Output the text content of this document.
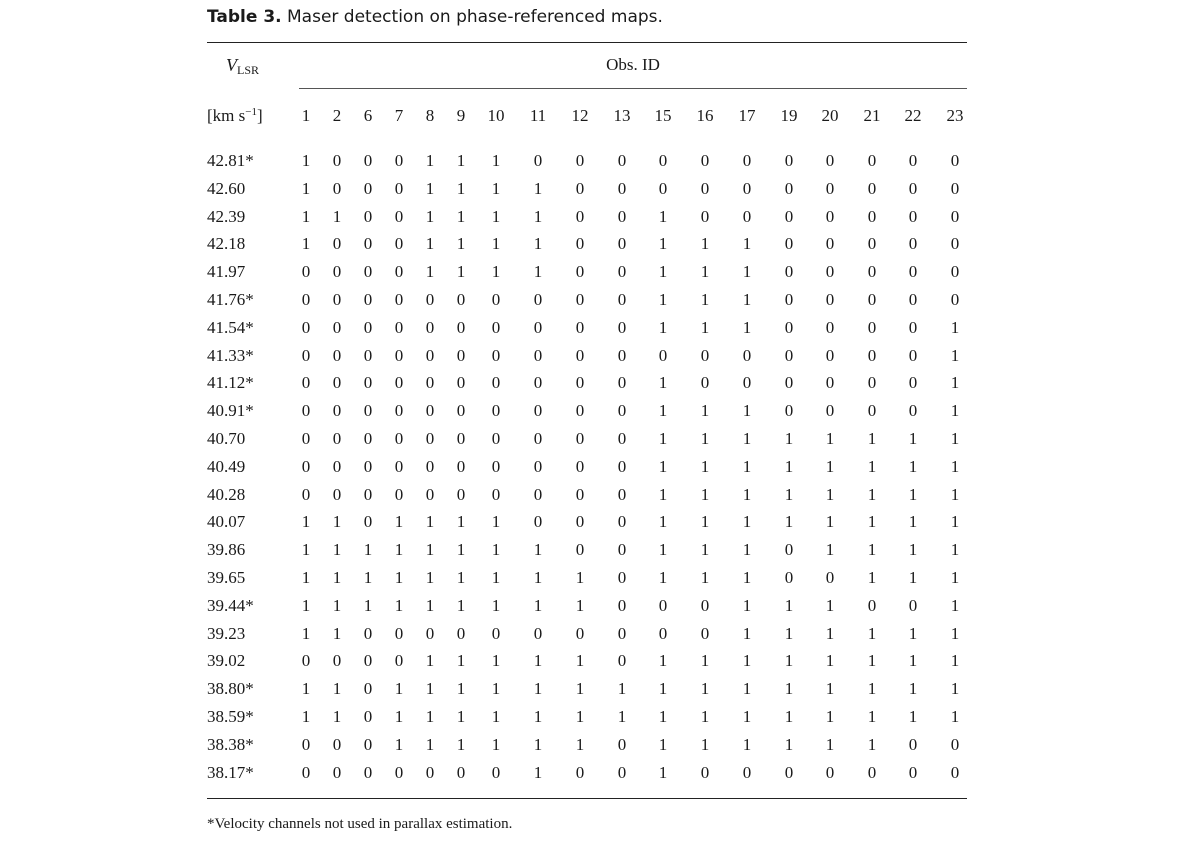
Table 3. Maser detection on phase-referenced maps.
$V_{LSR}$	Obs. ID
[km $s^{-1}$]	1	2	6	7	8	9	10	11	12	13	15	16	17	19	20	21	22	23
42.81*	1	0	0	0	1	1	1	0	0	0	0	0	0	0	0	0	0	0
42.60	1	0	0	0	1	1	1	1	0	0	0	0	0	0	0	0	0	0
42.39	1	1	0	0	1	1	1	1	0	0	1	0	0	0	0	0	0	0
42.18	1	0	0	0	1	1	1	1	0	0	1	1	1	0	0	0	0	0
41.97	0	0	0	0	1	1	1	1	0	0	1	1	1	0	0	0	0	0
41.76*	0	0	0	0	0	0	0	0	0	0	1	1	1	0	0	0	0	0
41.54*	0	0	0	0	0	0	0	0	0	0	1	1	1	0	0	0	0	1
41.33*	0	0	0	0	0	0	0	0	0	0	0	0	0	0	0	0	0	1
41.12*	0	0	0	0	0	0	0	0	0	0	1	0	0	0	0	0	0	1
40.91*	0	0	0	0	0	0	0	0	0	0	1	1	1	0	0	0	0	1
40.70	0	0	0	0	0	0	0	0	0	0	1	1	1	1	1	1	1	1
40.49	0	0	0	0	0	0	0	0	0	0	1	1	1	1	1	1	1	1
40.28	0	0	0	0	0	0	0	0	0	0	1	1	1	1	1	1	1	1
40.07	1	1	0	1	1	1	1	0	0	0	1	1	1	1	1	1	1	1
39.86	1	1	1	1	1	1	1	1	0	0	1	1	1	0	1	1	1	1
39.65	1	1	1	1	1	1	1	1	1	0	1	1	1	0	0	1	1	1
39.44*	1	1	1	1	1	1	1	1	1	0	0	0	1	1	1	0	0	1
39.23	1	1	0	0	0	0	0	0	0	0	0	0	1	1	1	1	1	1
39.02	0	0	0	0	1	1	1	1	1	0	1	1	1	1	1	1	1	1
38.80*	1	1	0	1	1	1	1	1	1	1	1	1	1	1	1	1	1	1
38.59*	1	1	0	1	1	1	1	1	1	1	1	1	1	1	1	1	1	1
38.38*	0	0	0	1	1	1	1	1	1	0	1	1	1	1	1	1	0	0
38.17*	0	0	0	0	0	0	0	1	0	0	1	0	0	0	0	0	0	0
*Velocity channels not used in parallax estimation.
